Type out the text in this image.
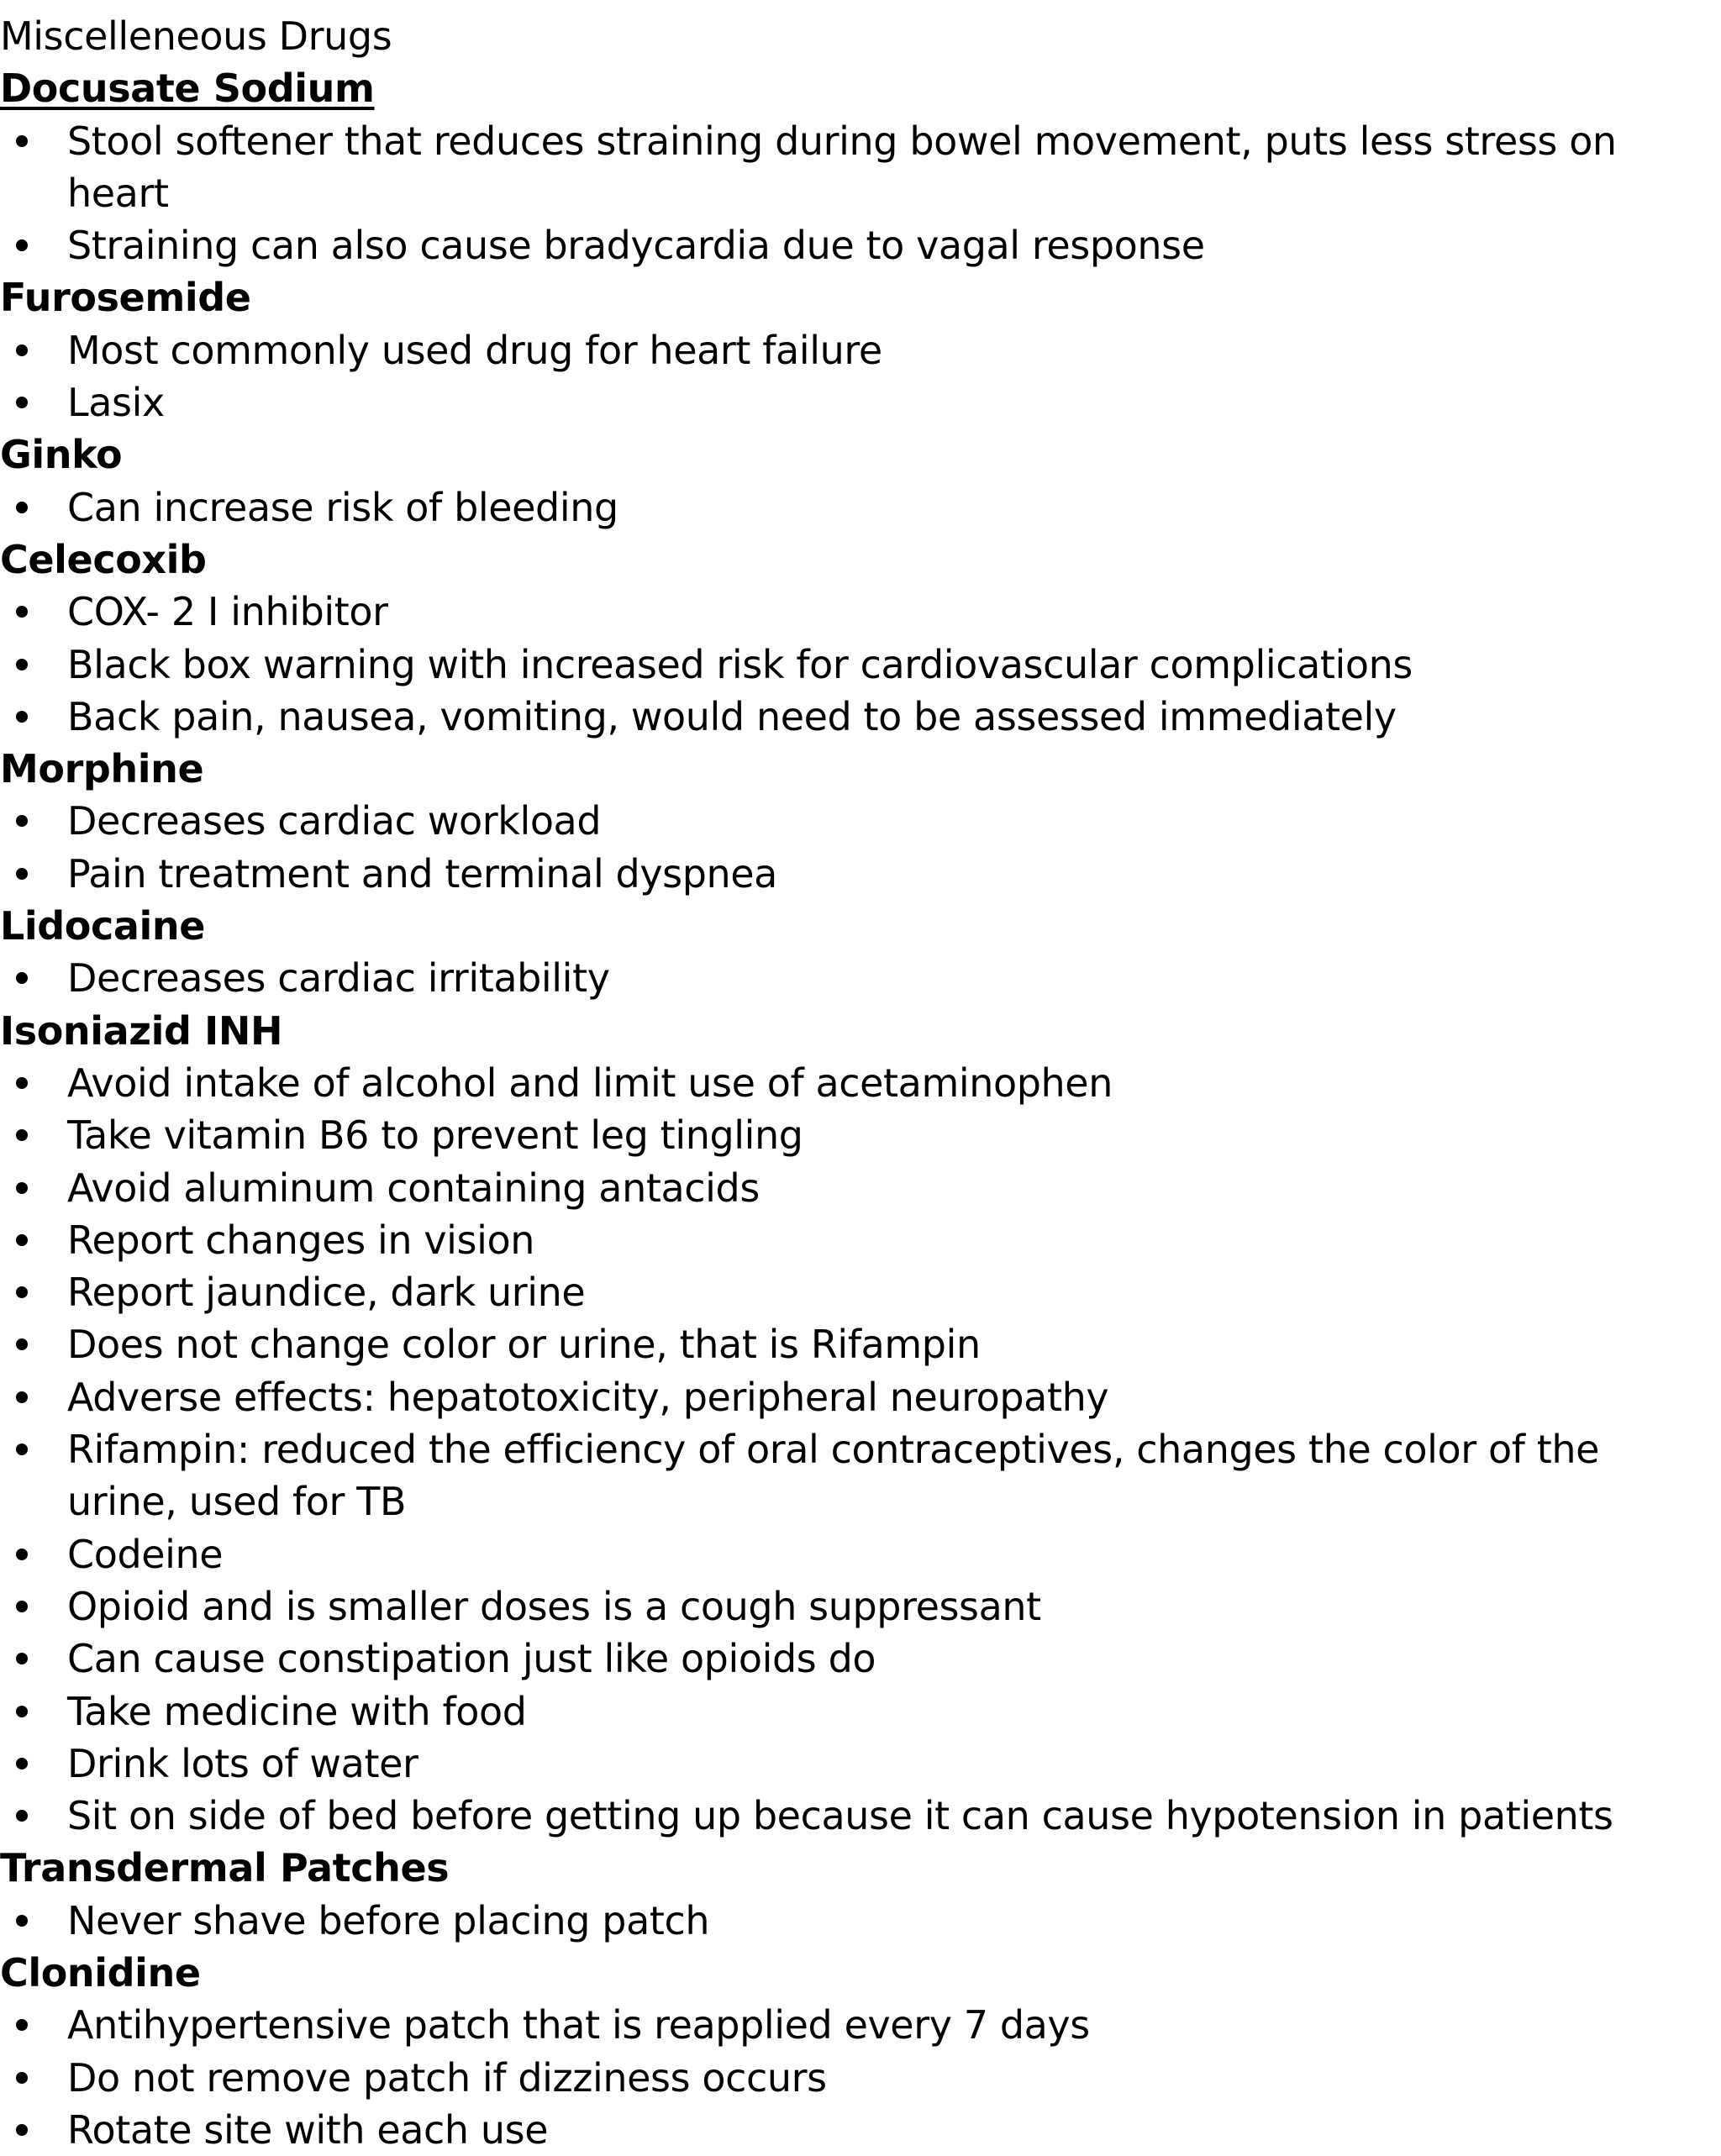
Miscelleneous Drugs
Docusate Sodium
Stool softener that reduces straining during bowel movement, puts less stress on heart
Straining can also cause bradycardia due to vagal response
Furosemide
Most commonly used drug for heart failure
Lasix
Ginko
Can increase risk of bleeding
Celecoxib
COX- 2 I inhibitor
Black box warning with increased risk for cardiovascular complications
Back pain, nausea, vomiting, would need to be assessed immediately
Morphine
Decreases cardiac workload
Pain treatment and terminal dyspnea
Lidocaine
Decreases cardiac irritability
Isoniazid INH
Avoid intake of alcohol and limit use of acetaminophen
Take vitamin B6 to prevent leg tingling
Avoid aluminum containing antacids
Report changes in vision
Report jaundice, dark urine
Does not change color or urine, that is Rifampin
Adverse effects: hepatotoxicity, peripheral neuropathy
Rifampin: reduced the efficiency of oral contraceptives, changes the color of the urine, used for TB
Codeine
Opioid and is smaller doses is a cough suppressant
Can cause constipation just like opioids do
Take medicine with food
Drink lots of water
Sit on side of bed before getting up because it can cause hypotension in patients
Transdermal Patches
Never shave before placing patch
Clonidine
Antihypertensive patch that is reapplied every 7 days
Do not remove patch if dizziness occurs
Rotate site with each use
